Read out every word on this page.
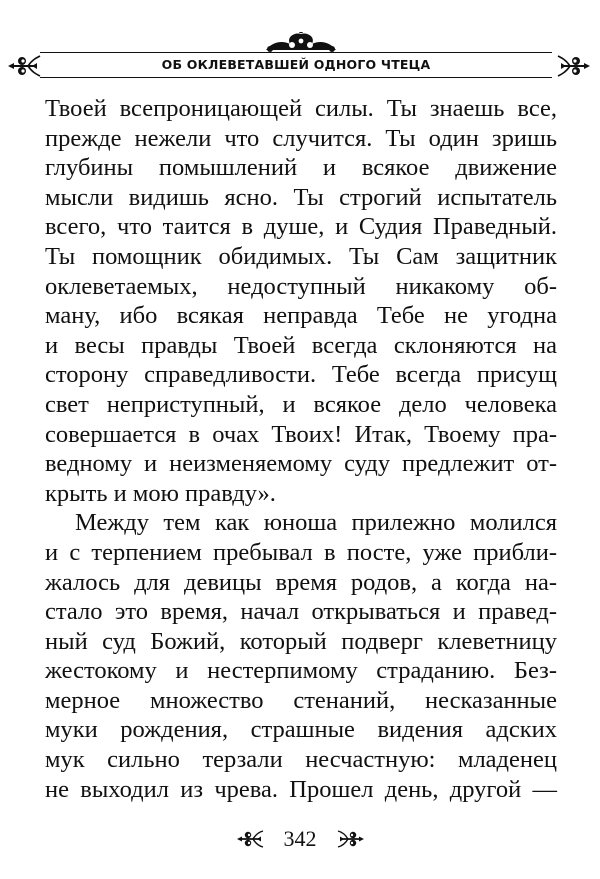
ОБ ОКЛЕВЕТАВШЕЙ ОДНОГО ЧТЕЦА
Твоей всепроницающей силы. Ты знаешь все,
прежде нежели что случится. Ты один зришь
глубины помышлений и всякое движение
мысли видишь ясно. Ты строгий испытатель
всего, что таится в душе, и Судия Праведный.
Ты помощник обидимых. Ты Сам защитник
оклеветаемых, недоступный никакому об-
ману, ибо всякая неправда Тебе не угодна
и весы правды Твоей всегда склоняются на
сторону справедливости. Тебе всегда присущ
свет неприступный, и всякое дело человека
совершается в очах Твоих! Итак, Твоему пра-
ведному и неизменяемому суду предлежит от-
крыть и мою правду».
Между тем как юноша прилежно молился
и с терпением пребывал в посте, уже прибли-
жалось для девицы время родов, а когда на-
стало это время, начал открываться и правед-
ный суд Божий, который подверг клеветницу
жестокому и нестерпимому страданию. Без-
мерное множество стенаний, несказанные
муки рождения, страшные видения адских
мук сильно терзали несчастную: младенец
не выходил из чрева. Прошел день, другой —
342
